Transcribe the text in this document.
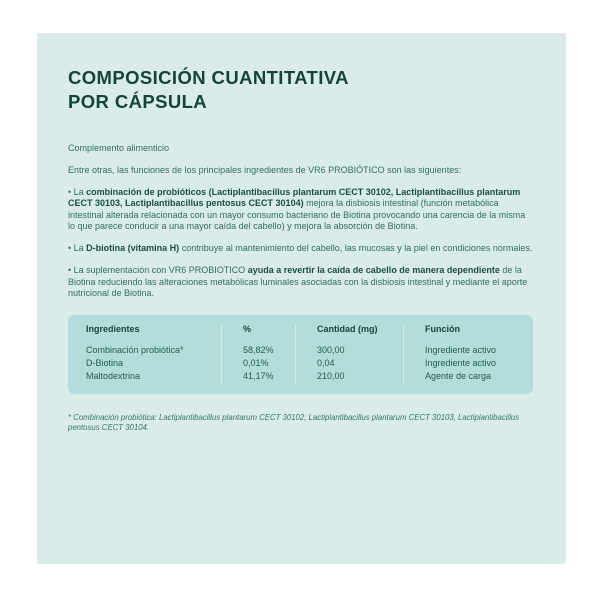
COMPOSICIÓN CUANTITATIVA
POR CÁPSULA

Complemento alimenticio

Entre otras, las funciones de los principales ingredientes de VR6 PROBIÓTICO son las siguientes:

• La combinación de probióticos (Lactiplantibacillus plantarum CECT 30102, Lactiplantibacillus plantarum CECT 30103, Lactiplantibacillus pentosus CECT 30104) mejora la disbiosis intestinal (función metabólica intestinal alterada relacionada con un mayor consumo bacteriano de Biotina provocando una carencia de la misma lo que parece conducir a una mayor caída del cabello) y mejora la absorción de Biotina.

• La D-biotina (vitamina H) contribuye al mantenimiento del cabello, las mucosas y la piel en condiciones normales.

• La suplementación con VR6 PROBIOTICO ayuda a revertir la caída de cabello de manera dependiente de la Biotina reduciendo las alteraciones metabólicas luminales asociadas con la disbiosis intestinal y mediante el aporte nutricional de Biotina.

Ingredientes
Combinación probiótica*
D-Biotina
Maltodextrina
%
58,82%
0,01%
41,17%
Cantidad (mg)
300,00
0,04
210,00
Función
Ingrediente activo
Ingrediente activo
Agente de carga

* Combinación probiótica: Lactiplantibacillus plantarum CECT 30102, Lactiplantibacillus plantarum CECT 30103, Lactiplantibacillus pentosus CECT 30104.
